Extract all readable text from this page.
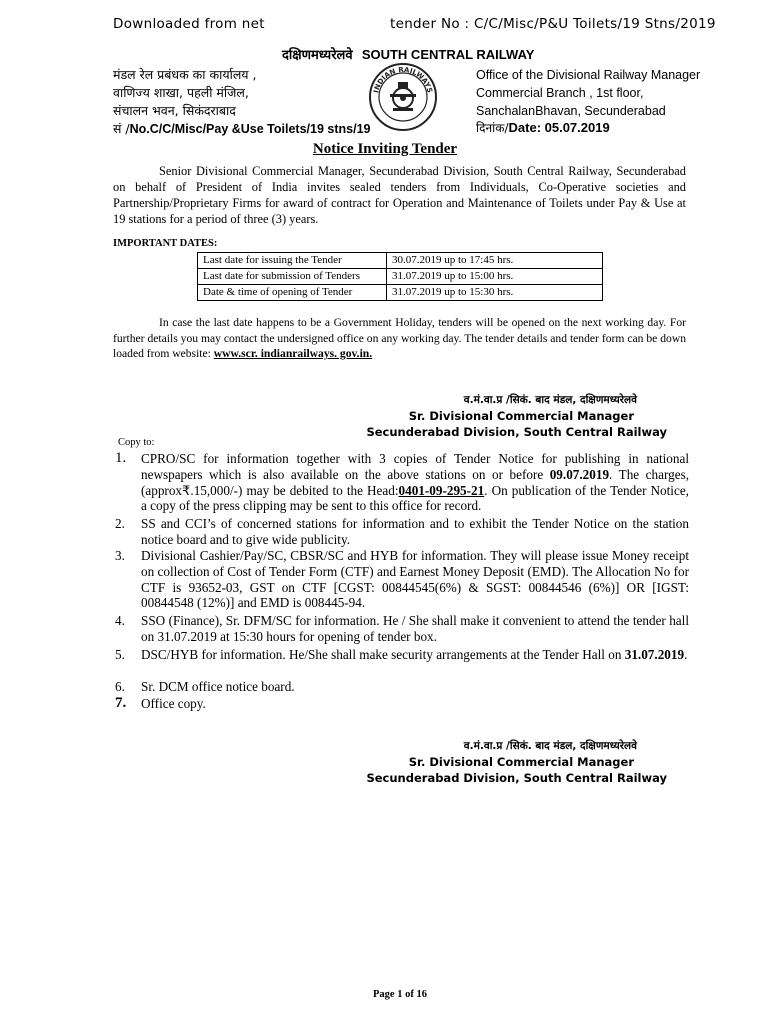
Downloaded from net	tender No : C/C/Misc/P&U Toilets/19 Stns/2019
दक्षिणमध्यरेलवे SOUTH CENTRAL RAILWAY
मंडल रेल प्रबंधक का कार्यालय ,
वाणिज्य शाखा, पहली मंजिल,
संचालन भवन, सिकंदराबाद
सं /No.C/C/Misc/Pay &Use Toilets/19 stns/19
INDIAN RAILWAYS
Office of the Divisional Railway Manager
Commercial Branch , 1st floor,
SanchalanBhavan, Secunderabad
दिनांक/Date: 05.07.2019
Notice Inviting Tender
Senior Divisional Commercial Manager, Secunderabad Division, South Central Railway, Secunderabad on behalf of President of India invites sealed tenders from Individuals, Co-Operative societies and Partnership/Proprietary Firms for award of contract for Operation and Maintenance of Toilets under Pay & Use at 19 stations for a period of three (3) years.
IMPORTANT DATES:
Last date for issuing the Tender	30.07.2019 up to 17:45 hrs.
Last date for submission of Tenders	31.07.2019 up to 15:00 hrs.
Date & time of opening of Tender	31.07.2019 up to 15:30 hrs.
In case the last date happens to be a Government Holiday, tenders will be opened on the next working day. For further details you may contact the undersigned office on any working day. The tender details and tender form can be down loaded from website: www.scr. indianrailways. gov.in.
व.मं.वा.प्र /सिकं. बाद मंडल, दक्षिणमध्यरेलवे
Sr. Divisional Commercial Manager
Secunderabad Division, South Central Railway
Copy to:
1. CPRO/SC for information together with 3 copies of Tender Notice for publishing in national newspapers which is also available on the above stations on or before 09.07.2019. The charges,(approx₹.15,000/-) may be debited to the Head:0401-09-295-21. On publication of the Tender Notice, a copy of the press clipping may be sent to this office for record.
2. SS and CCI’s of concerned stations for information and to exhibit the Tender Notice on the station notice board and to give wide publicity.
3. Divisional Cashier/Pay/SC, CBSR/SC and HYB for information. They will please issue Money receipt on collection of Cost of Tender Form (CTF) and Earnest Money Deposit (EMD). The Allocation No for CTF is 93652-03, GST on CTF [CGST: 00844545(6%) & SGST: 00844546 (6%)] OR [IGST: 00844548 (12%)] and EMD is 008445-94.
4. SSO (Finance), Sr. DFM/SC for information. He / She shall make it convenient to attend the tender hall on 31.07.2019 at 15:30 hours for opening of tender box.
5. DSC/HYB for information. He/She shall make security arrangements at the Tender Hall on 31.07.2019.
6. Sr. DCM office notice board.
7. Office copy.
व.मं.वा.प्र /सिकं. बाद मंडल, दक्षिणमध्यरेलवे
Sr. Divisional Commercial Manager
Secunderabad Division, South Central Railway
Page 1 of 16
